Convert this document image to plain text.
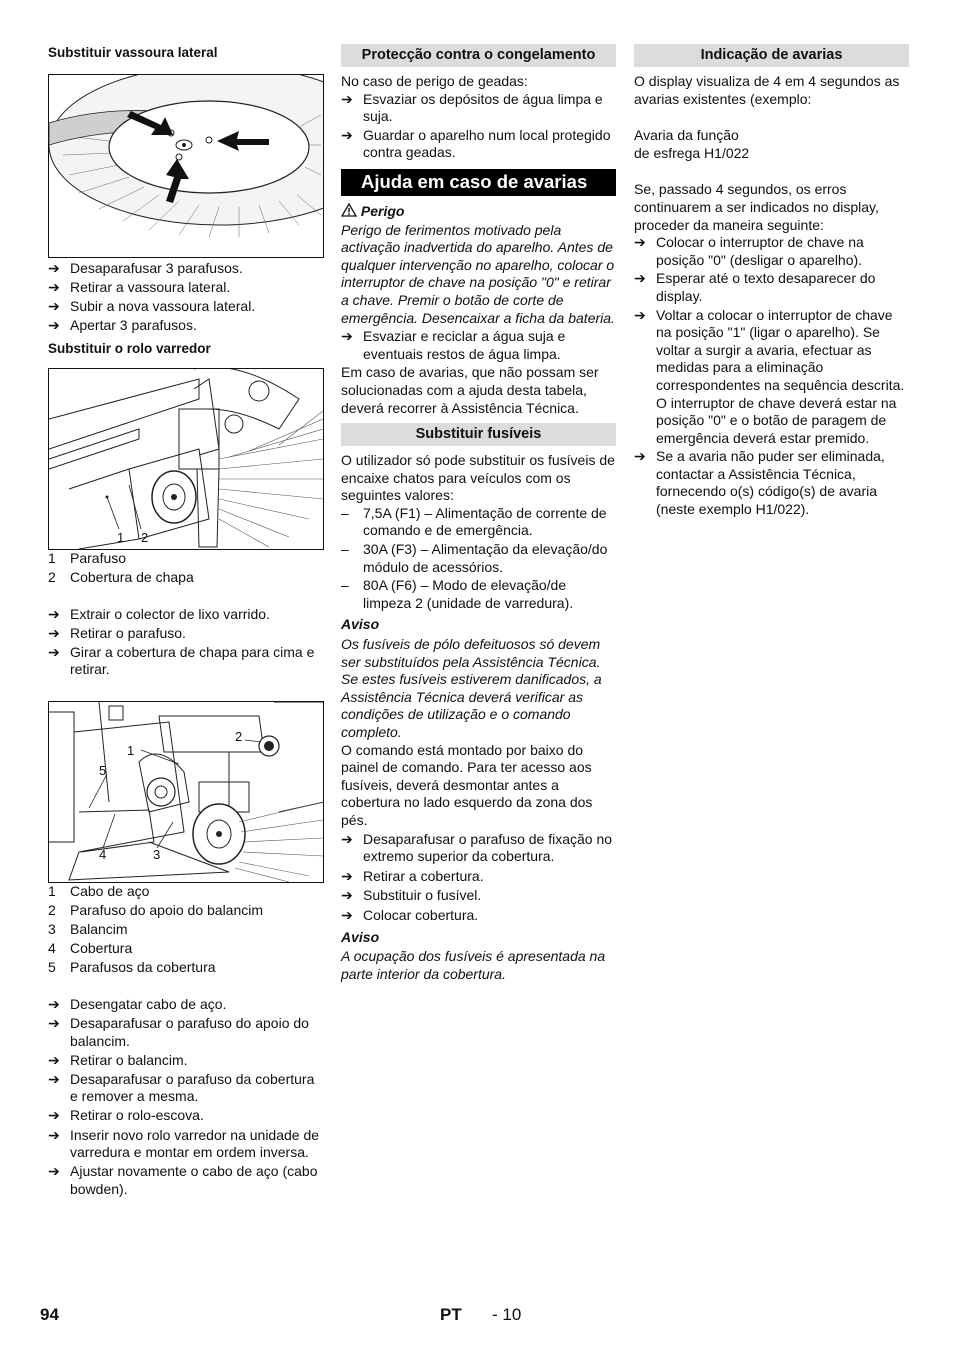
Substituir vassoura lateral
➔ Desaparafusar 3 parafusos.
➔ Retirar a vassoura lateral.
➔ Subir a nova vassoura lateral.
➔ Apertar 3 parafusos.
Substituir o rolo varredor
1 2
1 Parafuso
2 Cobertura de chapa
➔ Extrair o colector de lixo varrido.
➔ Retirar o parafuso.
➔ Girar a cobertura de chapa para cima e retirar.
1
2
5
4	3
1 Cabo de aço
2 Parafuso do apoio do balancim
3 Balancim
4 Cobertura
5 Parafusos da cobertura
➔ Desengatar cabo de aço.
➔ Desaparafusar o parafuso do apoio do balancim.
➔ Retirar o balancim.
➔ Desaparafusar o parafuso da cobertura e remover a mesma.
➔ Retirar o rolo-escova.
➔ Inserir novo rolo varredor na unidade de varredura e montar em ordem inversa.
➔ Ajustar novamente o cabo de aço (cabo bowden).
Protecção contra o congelamento
No caso de perigo de geadas:
➔ Esvaziar os depósitos de água limpa e suja.
➔ Guardar o aparelho num local protegido contra geadas.
Ajuda em caso de avarias
Perigo
Perigo de ferimentos motivado pela activação inadvertida do aparelho. Antes de qualquer intervenção no aparelho, colocar o interruptor de chave na posição "0" e retirar a chave. Premir o botão de corte de emergência. Desencaixar a ficha da bateria.
➔ Esvaziar e reciclar a água suja e eventuais restos de água limpa.
Em caso de avarias, que não possam ser solucionadas com a ajuda desta tabela, deverá recorrer à Assistência Técnica.
Substituir fusíveis
O utilizador só pode substituir os fusíveis de encaixe chatos para veículos com os seguintes valores:
–	7,5A (F1) – Alimentação de corrente de comando e de emergência.
–	30A (F3) – Alimentação da elevação/do módulo de acessórios.
–	80A (F6) – Modo de elevação/de limpeza 2 (unidade de varredura).
Aviso
Os fusíveis de pólo defeituosos só devem ser substituídos pela Assistência Técnica. Se estes fusíveis estiverem danificados, a Assistência Técnica deverá verificar as condições de utilização e o comando completo.
O comando está montado por baixo do painel de comando. Para ter acesso aos fusíveis, deverá desmontar antes a cobertura no lado esquerdo da zona dos pés.
➔ Desaparafusar o parafuso de fixação no extremo superior da cobertura.
➔ Retirar a cobertura.
➔ Substituir o fusível.
➔ Colocar cobertura.
Aviso
A ocupação dos fusíveis é apresentada na parte interior da cobertura.
Indicação de avarias
O display visualiza de 4 em 4 segundos as avarias existentes (exemplo:
Avaria da função
de esfrega H1/022
Se, passado 4 segundos, os erros continuarem a ser indicados no display, proceder da maneira seguinte:
➔ Colocar o interruptor de chave na posição "0" (desligar o aparelho).
➔ Esperar até o texto desaparecer do display.
➔ Voltar a colocar o interruptor de chave na posição "1" (ligar o aparelho). Se voltar a surgir a avaria, efectuar as medidas para a eliminação correspondentes na sequência descrita. O interruptor de chave deverá estar na posição "0" e o botão de paragem de emergência deverá estar premido.
➔ Se a avaria não puder ser eliminada, contactar a Assistência Técnica, fornecendo o(s) código(s) de avaria (neste exemplo H1/022).
94	PT - 10
